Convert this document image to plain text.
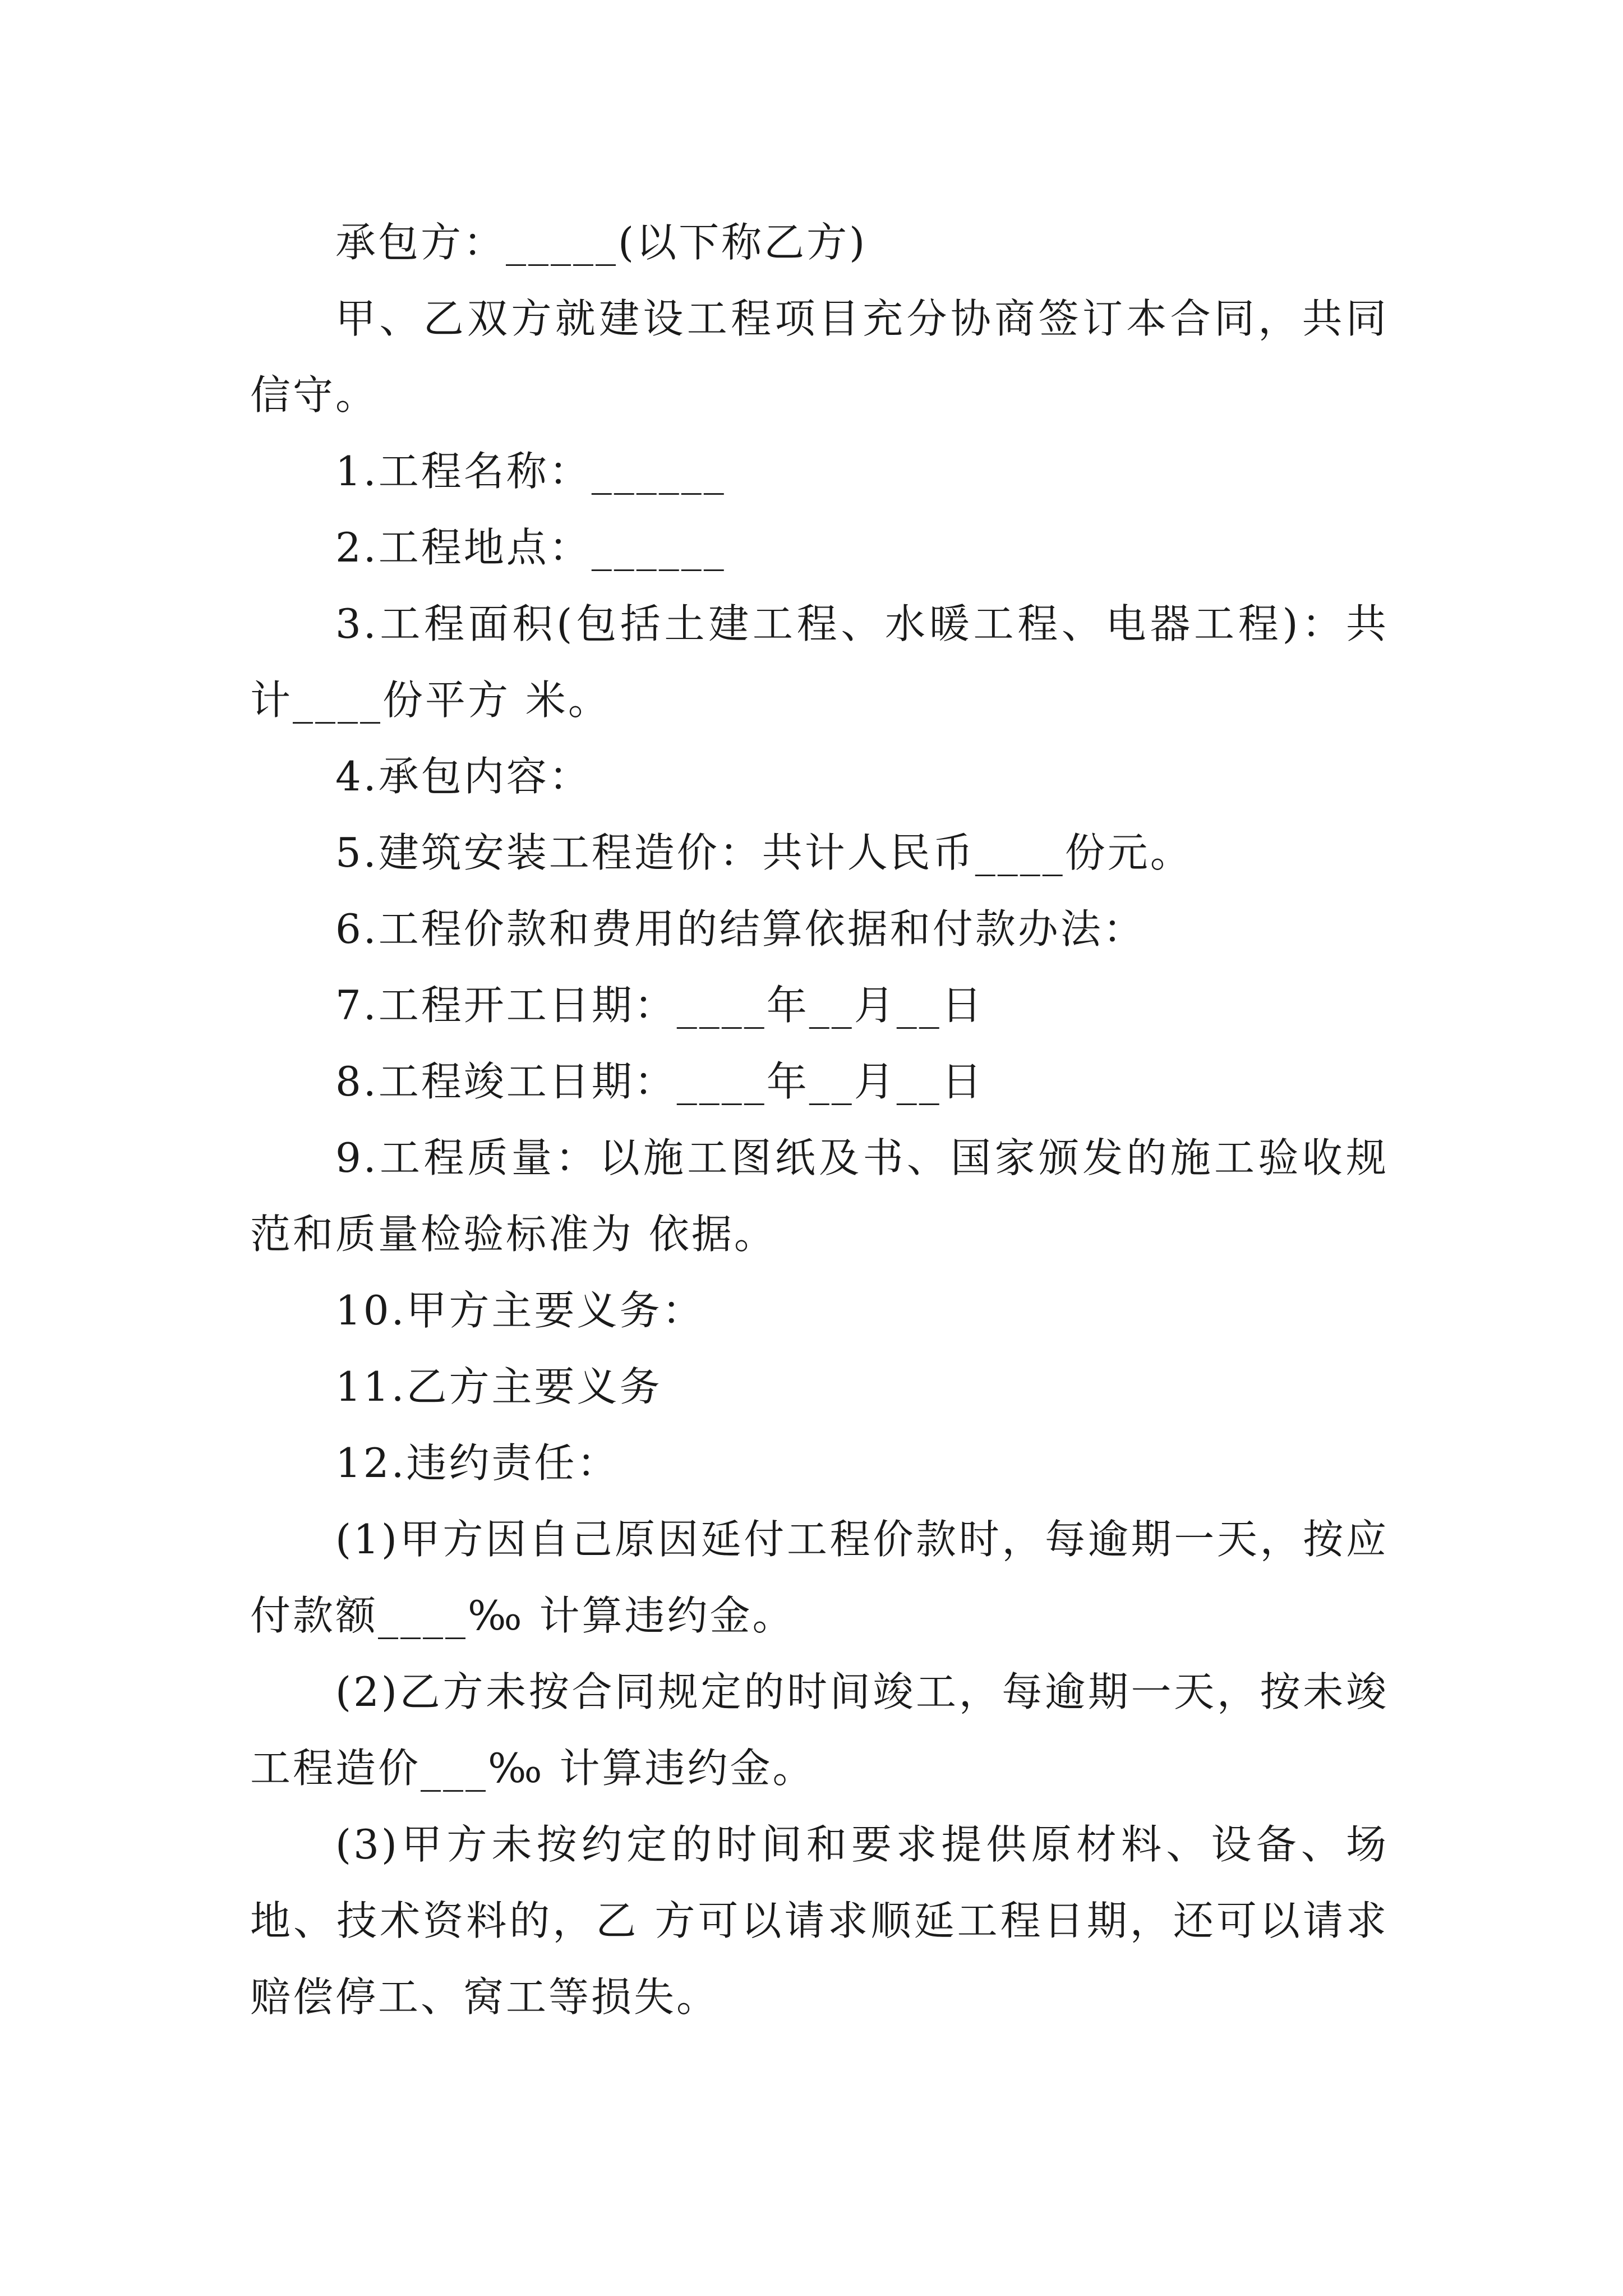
承包方：_____(以下称乙方)

甲、乙双方就建设工程项目充分协商签订本合同，共同信守。

1.工程名称：______

2.工程地点：______

3.工程面积(包括土建工程、水暖工程、电器工程)：共计____份平方 米。

4.承包内容：

5.建筑安装工程造价：共计人民币____份元。

6.工程价款和费用的结算依据和付款办法：

7.工程开工日期：____年__月__日

8.工程竣工日期：____年__月__日

9.工程质量：以施工图纸及书、国家颁发的施工验收规范和质量检验标准为 依据。

10.甲方主要义务：

11.乙方主要义务

12.违约责任：

(1)甲方因自己原因延付工程价款时，每逾期一天，按应付款额____‰ 计算违约金。

(2)乙方未按合同规定的时间竣工，每逾期一天，按未竣工程造价___‰ 计算违约金。

(3)甲方未按约定的时间和要求提供原材料、设备、场地、技术资料的，乙 方可以请求顺延工程日期，还可以请求赔偿停工、窝工等损失。
